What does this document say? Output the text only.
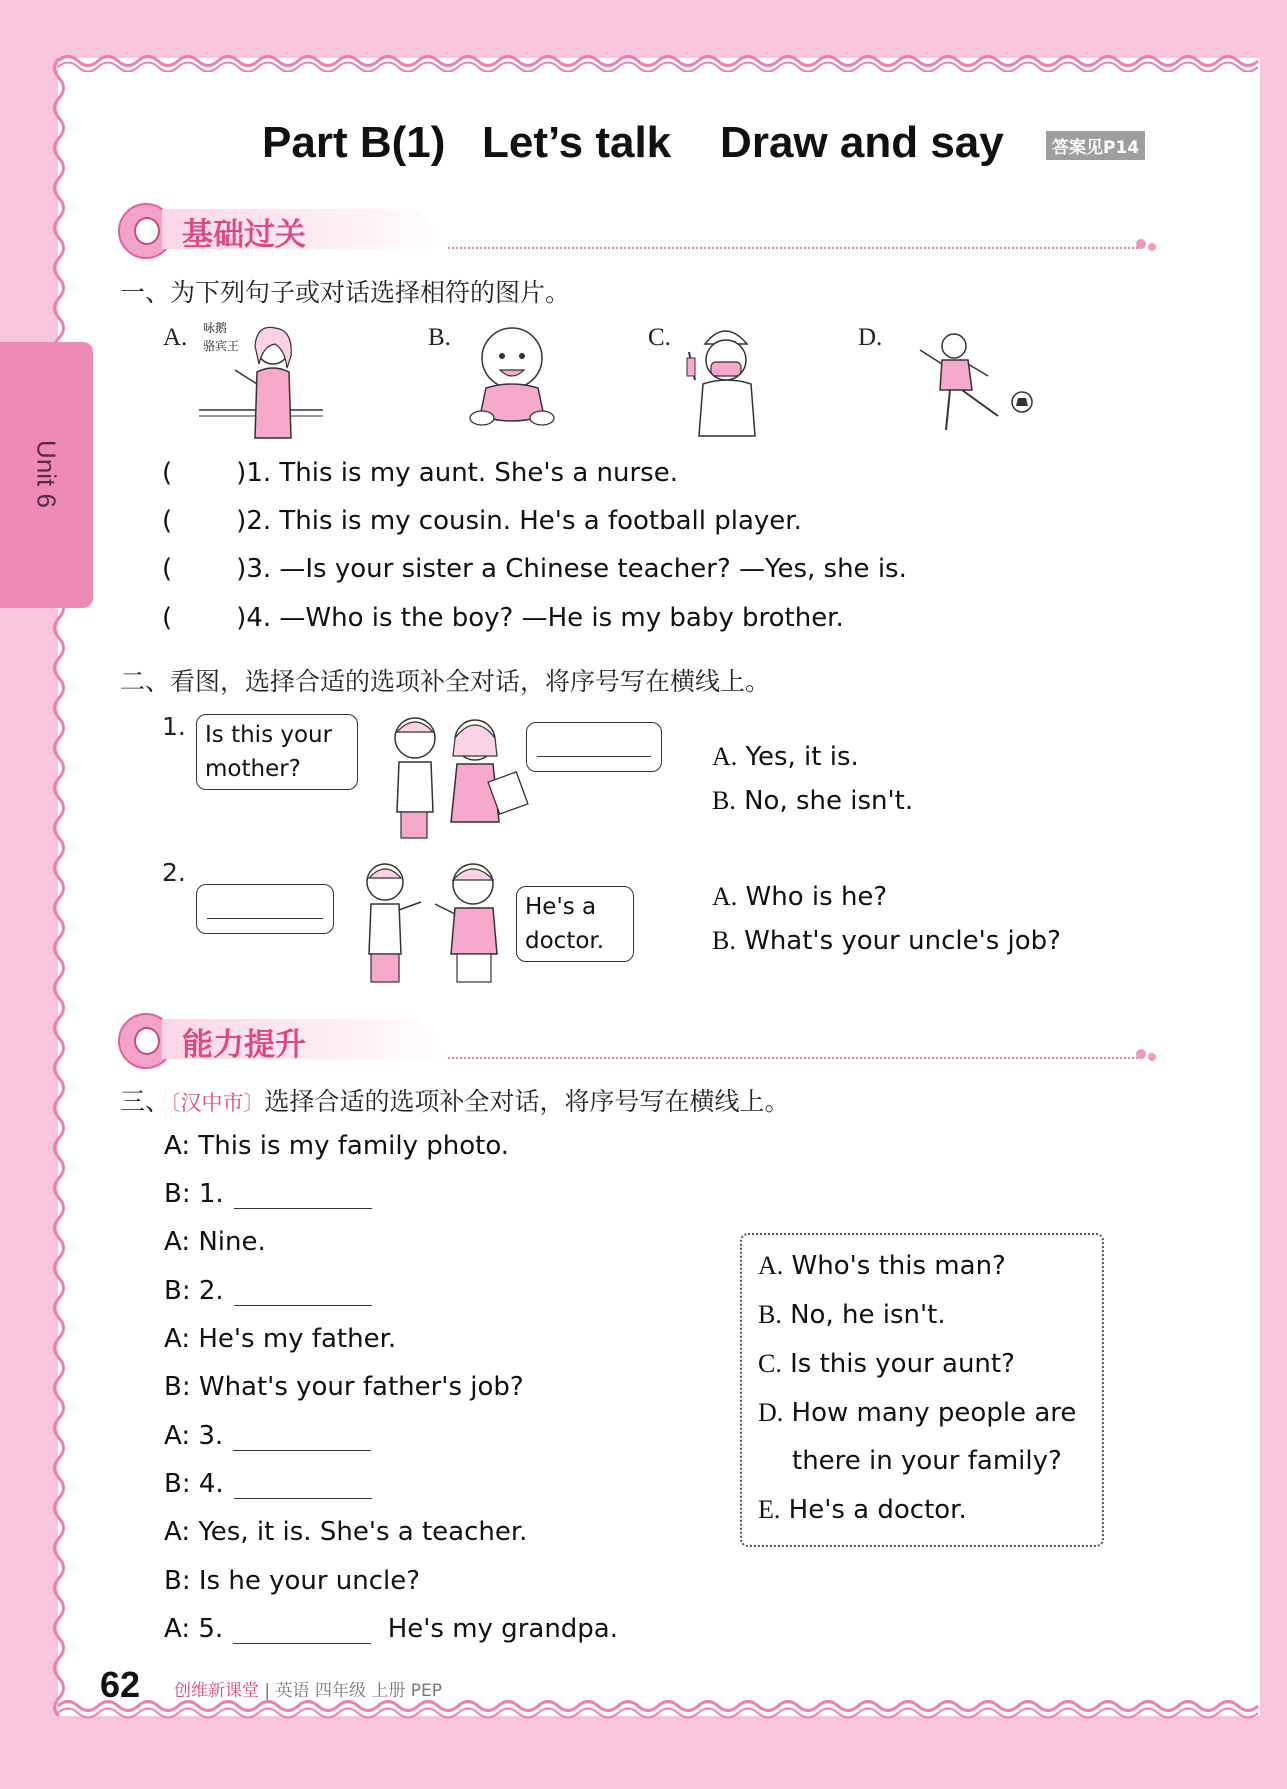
Unit 6
Part B(1)   Let’s talk    Draw and say	答案见P14
基础过关
一、为下列句子或对话选择相符的图片。
A. 咏鹅
骆宾王	B.	C.	D.
( )1. This is my aunt. She's a nurse.
( )2. This is my cousin. He's a football player.
( )3. —Is your sister a Chinese teacher? —Yes, she is.
( )4. —Who is the boy? —He is my baby brother.
二、看图，选择合适的选项补全对话，将序号写在横线上。
1. Is this your
mother?	A. Yes, it is.
B. No, she isn't.
2.
He's a
doctor.
A. Who is he?
B. What's your uncle's job?
能力提升
三、〔汉中市〕选择合适的选项补全对话，将序号写在横线上。
A: This is my family photo.
B: 1.
A: Nine.
B: 2.
A: He's my father.
B: What's your father's job?
A: 3.
B: 4.
A: Yes, it is. She's a teacher.
B: Is he your uncle?
A: 5.	He's my grandpa.
A. Who's this man?
B. No, he isn't.
C. Is this your aunt?
D. How many people are
there in your family?
E. He's a doctor.
62 创维新课堂 | 英语 四年级 上册 PEP
